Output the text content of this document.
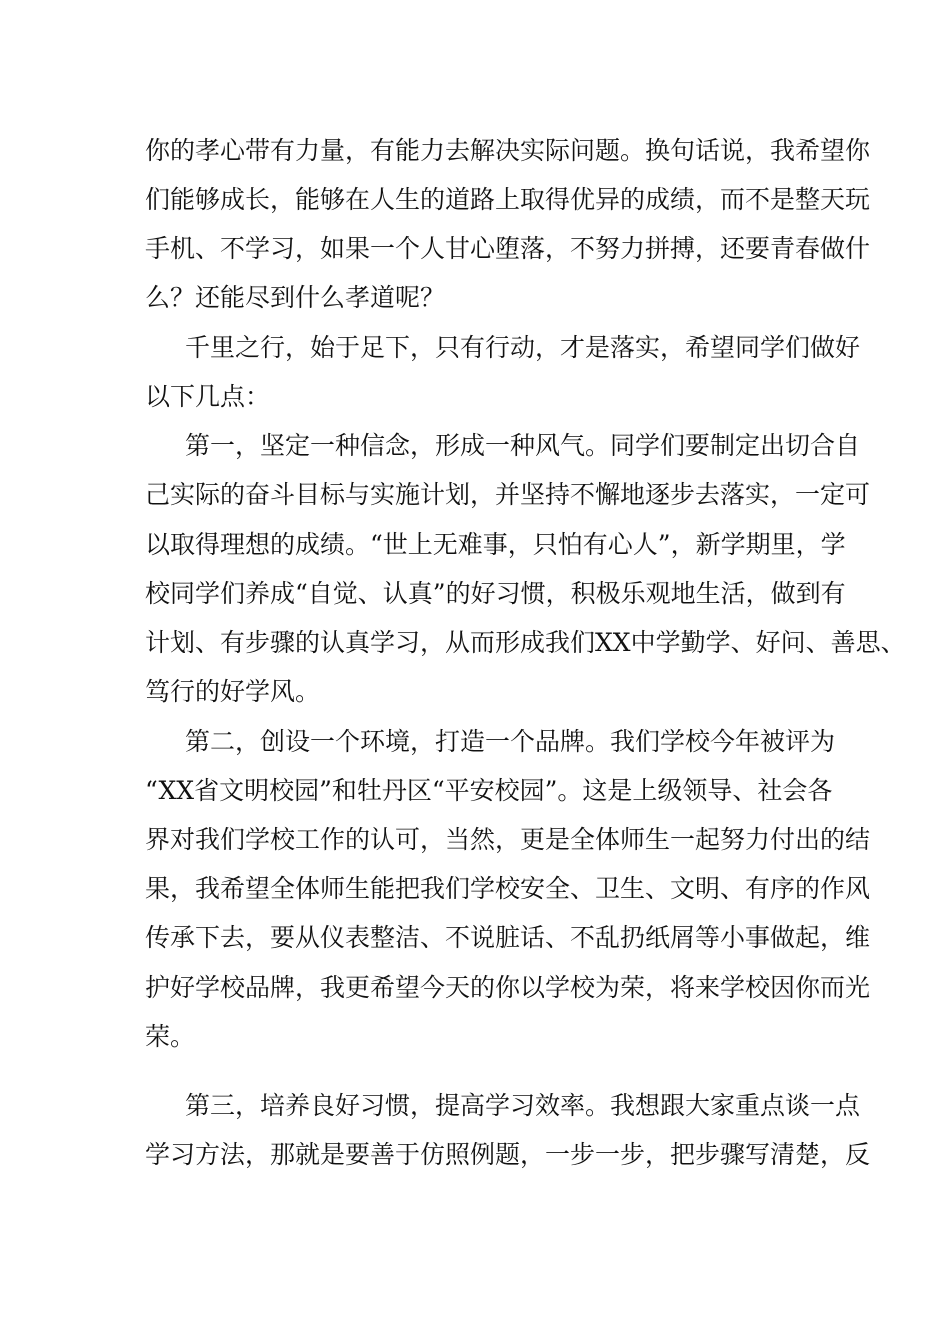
你的孝心带有力量，有能力去解决实际问题。换句话说，我希望你
们能够成长，能够在人生的道路上取得优异的成绩，而不是整天玩
手机、不学习，如果一个人甘心堕落，不努力拼搏，还要青春做什
么？还能尽到什么孝道呢？
千里之行，始于足下，只有行动，才是落实，希望同学们做好
以下几点：
第一，坚定一种信念，形成一种风气。同学们要制定出切合自
己实际的奋斗目标与实施计划，并坚持不懈地逐步去落实，一定可
以取得理想的成绩。“世上无难事，只怕有心人”，新学期里，学
校同学们养成“自觉、认真”的好习惯，积极乐观地生活，做到有
计划、有步骤的认真学习，从而形成我们XX中学勤学、好问、善思、
笃行的好学风。
第二，创设一个环境，打造一个品牌。我们学校今年被评为
“XX省文明校园”和牡丹区“平安校园”。这是上级领导、社会各
界对我们学校工作的认可，当然，更是全体师生一起努力付出的结
果，我希望全体师生能把我们学校安全、卫生、文明、有序的作风
传承下去，要从仪表整洁、不说脏话、不乱扔纸屑等小事做起，维
护好学校品牌，我更希望今天的你以学校为荣，将来学校因你而光
荣。
第三，培养良好习惯，提高学习效率。我想跟大家重点谈一点
学习方法，那就是要善于仿照例题，一步一步，把步骤写清楚，反
